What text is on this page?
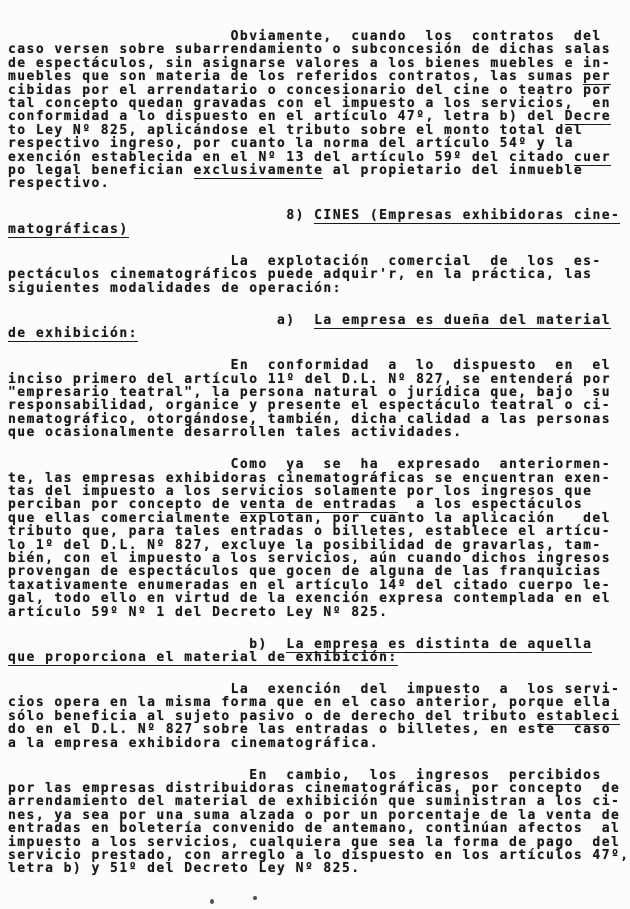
Obviamente,  cuando  los  contratos  del
caso versen sobre subarrendamiento o subconcesión de dichas salas
de espectáculos, sin asignarse valores a los bienes muebles e in-
muebles que son materia de los referidos contratos, las sumas per
cibidas por el arrendatario o concesionario del cine o teatro por
tal concepto quedan gravadas con el impuesto a los servicios,  en
conformidad a lo dispuesto en el artículo 47º, letra b) del Decre
to Ley Nº 825, aplicándose el tributo sobre el monto total del
respectivo ingreso, por cuanto la norma del artículo 54º y la
exención establecida en el Nº 13 del artículo 59º del citado cuer
po legal benefician exclusivamente al propietario del inmueble
respectivo.
8) CINES (Empresas exhibidoras cine-
matográficas)
La  explotación  comercial  de  los  es-
pectáculos cinematográficos puede adquir'r, en la práctica, las
siguientes modalidades de operación:
a)  La empresa es dueña del material
de exhibición:
En  conformidad  a  lo  dispuesto  en  el
inciso primero del artículo 11º del D.L. Nº 827, se entenderá por
"empresario teatral", la persona natural o jurídica que, bajo  su
responsabilidad, organice y presente el espectáculo teatral o ci-
nematográfico, otorgándose, también, dicha calidad a las personas
que ocasionalmente desarrollen tales actividades.
Como  ya  se  ha  expresado  anteriormen-
te, las empresas exhibidoras cinematográficas se encuentran exen-
tas del impuesto a los servicios solamente por los ingresos que
perciban por concepto de venta de entradas  a los espectáculos
que ellas comercialmente explotan, por cuanto la aplicación   del
tributo que, para tales entradas o billetes, establece el artícu-
lo 1º del D.L. Nº 827, excluye la posibilidad de gravarlas, tam-
bién, con el impuesto a los servicios, aún cuando dichos ingresos
provengan de espectáculos que gocen de alguna de las franquicias
taxativamente enumeradas en el artículo 14º del citado cuerpo le-
gal, todo ello en virtud de la exención expresa contemplada en el
artículo 59º Nº 1 del Decreto Ley Nº 825.
b)  La empresa es distinta de aquella
que proporciona el material de exhibición:
La  exención  del  impuesto  a  los servi-
cios opera en la misma forma que en el caso anterior, porque ella
sólo beneficia al sujeto pasivo o de derecho del tributo estableci
do en el D.L. Nº 827 sobre las entradas o billetes, en este  caso
a la empresa exhibidora cinematográfica.
En  cambio,  los  ingresos  percibidos
por las empresas distribuidoras cinematográficas, por concepto  de
arrendamiento del material de exhibición que suministran a los ci-
nes, ya sea por una suma alzada o por un porcentaje de la venta de
entradas en boletería convenido de antemano, continúan afectos  al
impuesto a los servicios, cualquiera que sea la forma de pago  del
servicio prestado, con arreglo a lo dispuesto en los artículos 47º,
letra b) y 51º del Decreto Ley Nº 825.
